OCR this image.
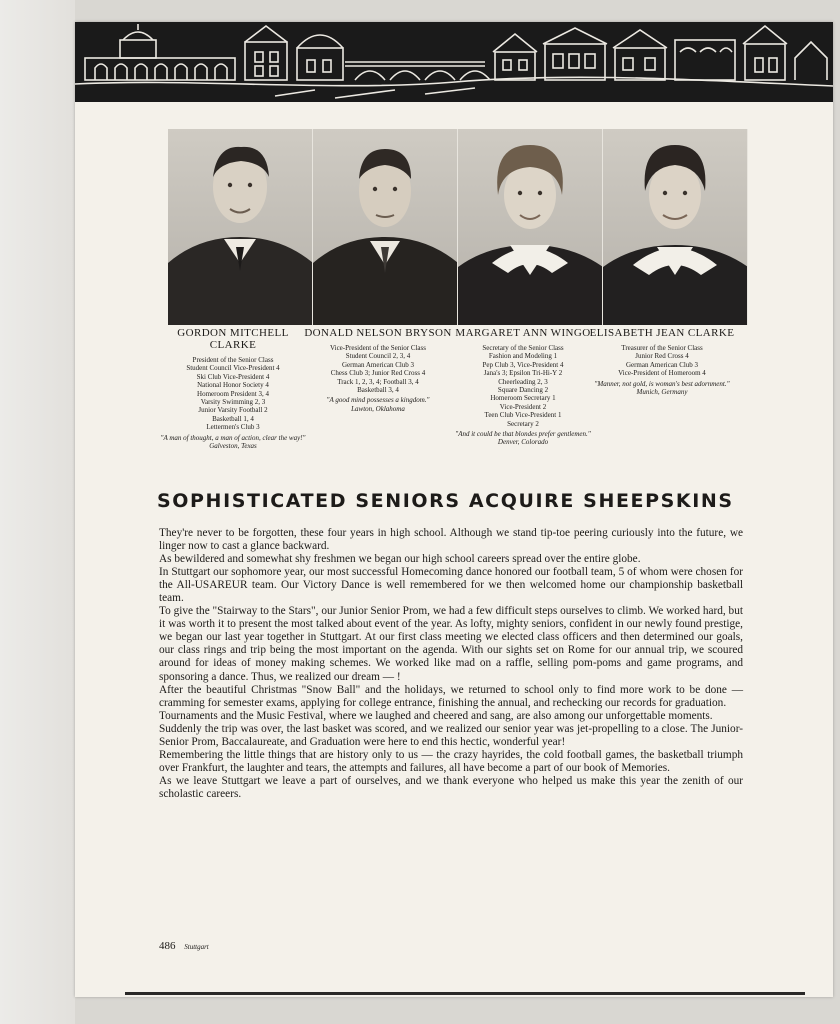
GORDON MITCHELL CLARKE
President of the Senior Class
Student Council Vice-President 4
Ski Club Vice-President 4
National Honor Society 4
Homeroom President 3, 4
Varsity Swimming 2, 3
Junior Varsity Football 2
Basketball 1, 4
Lettermen's Club 3
"A man of thought, a man of action, clear the way!"
Galveston, Texas
DONALD NELSON BRYSON
Vice-President of the Senior Class
Student Council 2, 3, 4
German American Club 3
Chess Club 3; Junior Red Cross 4
Track 1, 2, 3, 4; Football 3, 4
Basketball 3, 4
"A good mind possesses a kingdom."
Lawton, Oklahoma
MARGARET ANN WINGO
Secretary of the Senior Class
Fashion and Modeling 1
Pep Club 3, Vice-President 4
Jana's 3; Epsilon Tri-Hi-Y 2
Cheerleading 2, 3
Square Dancing 2
Homeroom Secretary 1
Vice-President 2
Teen Club Vice-President 1
Secretary 2
"And it could be that blondes prefer gentlemen."
Denver, Colorado
ELISABETH JEAN CLARKE
Treasurer of the Senior Class
Junior Red Cross 4
German American Club 3
Vice-President of Homeroom 4
"Manner, not gold, is woman's best adornment."
Munich, Germany
SOPHISTICATED SENIORS ACQUIRE SHEEPSKINS

They're never to be forgotten, these four years in high school. Although we stand tip-toe peering curiously into the future, we linger now to cast a glance backward.

As bewildered and somewhat shy freshmen we began our high school careers spread over the entire globe.

In Stuttgart our sophomore year, our most successful Homecoming dance honored our football team, 5 of whom were chosen for the All-USAREUR team. Our Victory Dance is well remembered for we then welcomed home our championship basketball team.

To give the "Stairway to the Stars", our Junior Senior Prom, we had a few difficult steps ourselves to climb. We worked hard, but it was worth it to present the most talked about event of the year. As lofty, mighty seniors, confident in our newly found prestige, we began our last year together in Stuttgart. At our first class meeting we elected class officers and then determined our goals, our class rings and trip being the most important on the agenda. With our sights set on Rome for our annual trip, we scoured around for ideas of money making schemes. We worked like mad on a raffle, selling pom-poms and game programs, and sponsoring a dance. Thus, we realized our dream — !

After the beautiful Christmas "Snow Ball" and the holidays, we returned to school only to find more work to be done — cramming for semester exams, applying for college entrance, finishing the annual, and rechecking our records for graduation.

Tournaments and the Music Festival, where we laughed and cheered and sang, are also among our unforgettable moments.

Suddenly the trip was over, the last basket was scored, and we realized our senior year was jet-propelling to a close. The Junior-Senior Prom, Baccalaureate, and Graduation were here to end this hectic, wonderful year!

Remembering the little things that are history only to us — the crazy hayrides, the cold football games, the basketball triumph over Frankfurt, the laughter and tears, the attempts and failures, all have become a part of our book of Memories.

As we leave Stuttgart we leave a part of ourselves, and we thank everyone who helped us make this year the zenith of our scholastic careers.

486 Stuttgart
